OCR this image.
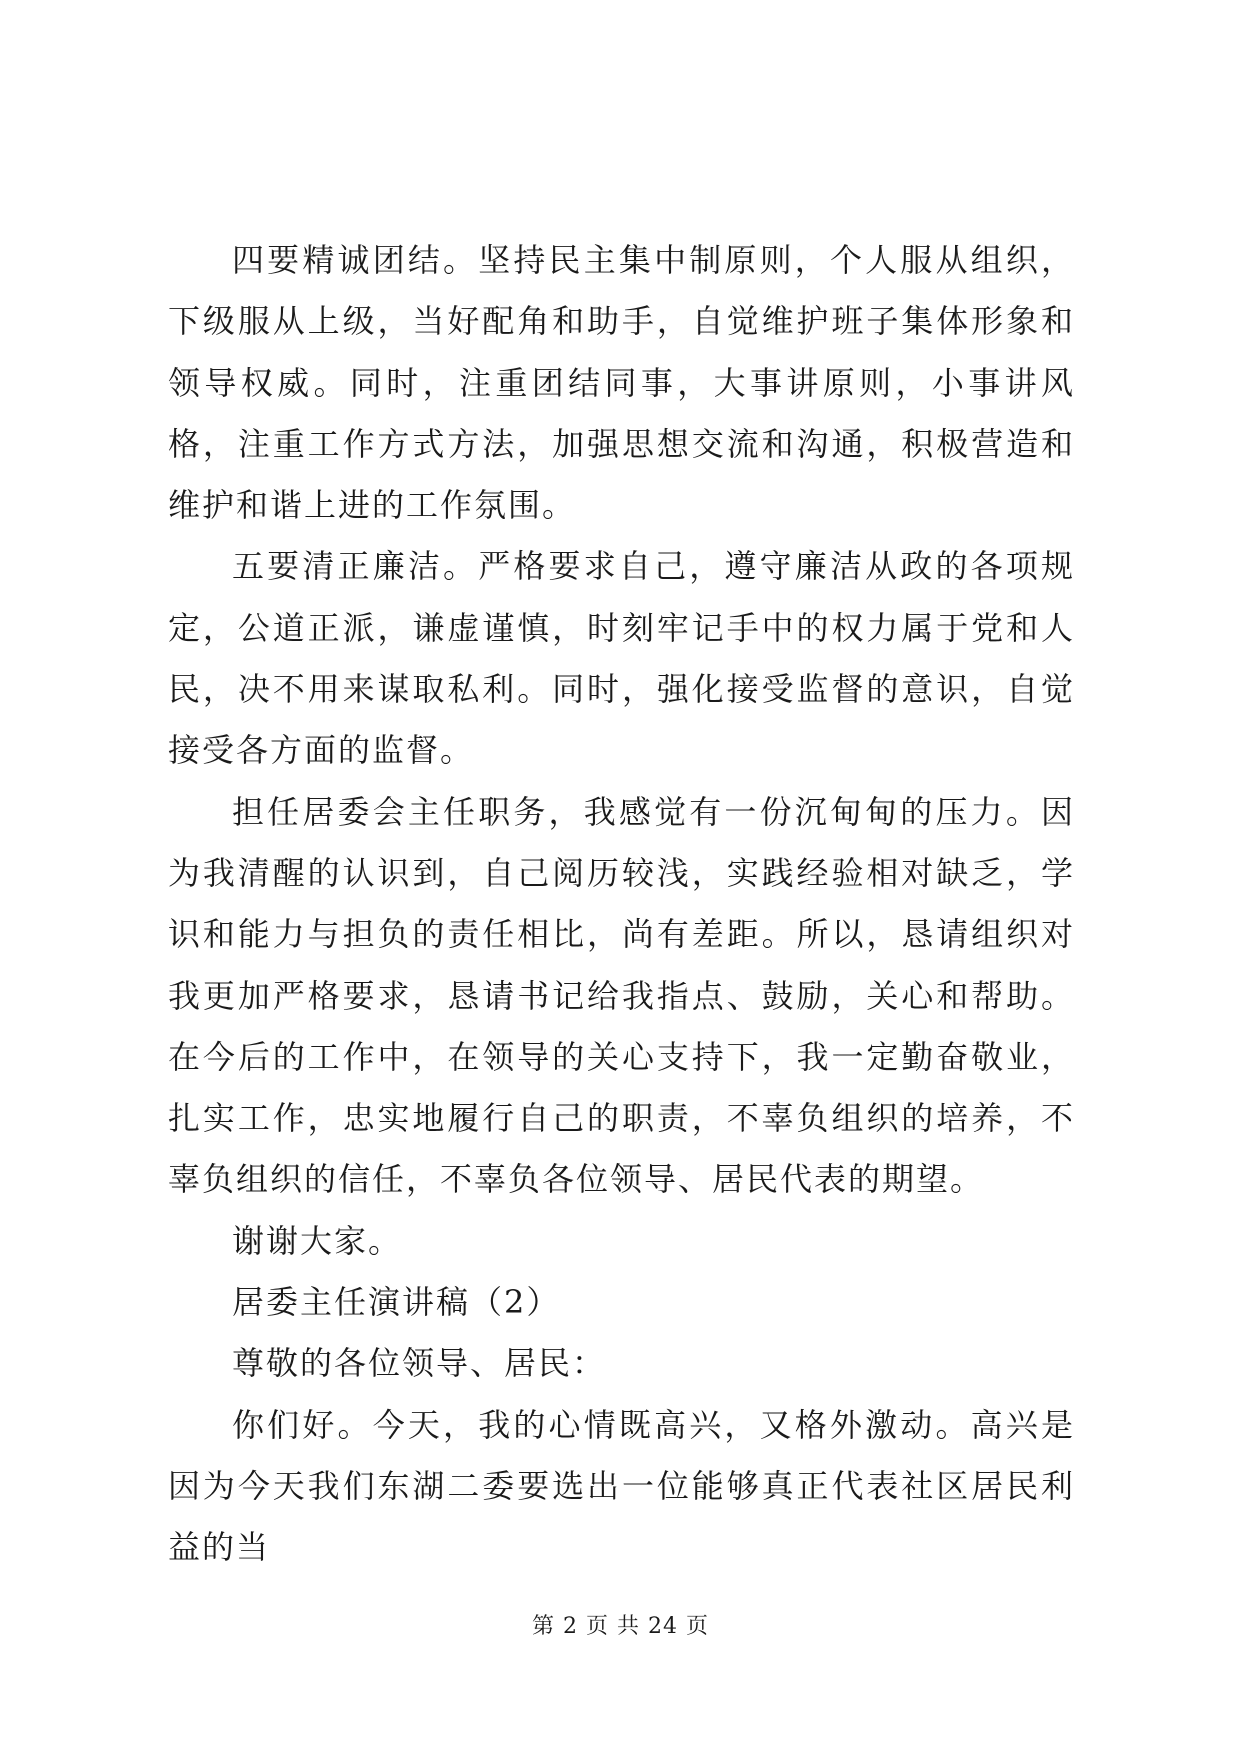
四要精诚团结。坚持民主集中制原则，个人服从组织，下级服从上级，当好配角和助手，自觉维护班子集体形象和领导权威。同时，注重团结同事，大事讲原则，小事讲风格，注重工作方式方法，加强思想交流和沟通，积极营造和维护和谐上进的工作氛围。

五要清正廉洁。严格要求自己，遵守廉洁从政的各项规定，公道正派，谦虚谨慎，时刻牢记手中的权力属于党和人民，决不用来谋取私利。同时，强化接受监督的意识，自觉接受各方面的监督。

担任居委会主任职务，我感觉有一份沉甸甸的压力。因为我清醒的认识到，自己阅历较浅，实践经验相对缺乏，学识和能力与担负的责任相比，尚有差距。所以，恳请组织对我更加严格要求，恳请书记给我指点、鼓励，关心和帮助。在今后的工作中，在领导的关心支持下，我一定勤奋敬业，扎实工作，忠实地履行自己的职责，不辜负组织的培养，不辜负组织的信任，不辜负各位领导、居民代表的期望。

谢谢大家。

居委主任演讲稿（2）

尊敬的各位领导、居民：

你们好。今天，我的心情既高兴，又格外激动。高兴是因为今天我们东湖二委要选出一位能够真正代表社区居民利益的当

第 2 页 共 24 页
